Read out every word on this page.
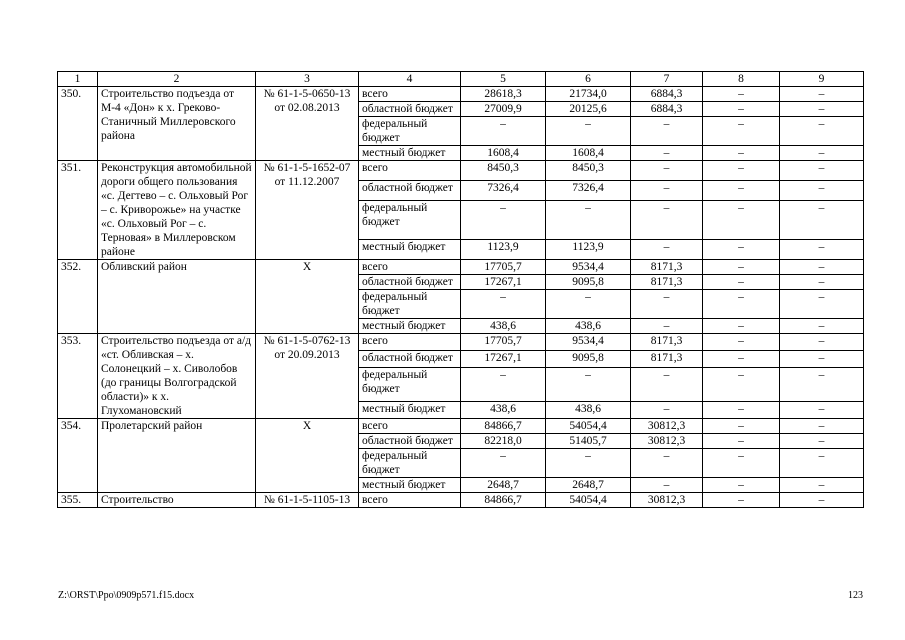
1	2	3	4	5	6	7	8	9
350.	Строительство подъезда от М-4 «Дон» к х. Греково-Станичный Миллеровского района	№ 61-1-5-0650-13 от 02.08.2013	всего	28618,3	21734,0	6884,3	–	–
			областной бюджет	27009,9	20125,6	6884,3	–	–
			федеральный бюджет	–	–	–	–	–
			местный бюджет	1608,4	1608,4	–	–	–
351.	Реконструкция автомобильной дороги общего пользования «с. Дегтево – с. Ольховый Рог – с. Криворожье» на участке «с. Ольховый Рог – с. Терновая» в Миллеровском районе	№ 61-1-5-1652-07 от 11.12.2007	всего	8450,3	8450,3	–	–	–
			областной бюджет	7326,4	7326,4	–	–	–
			федеральный бюджет	–	–	–	–	–
			местный бюджет	1123,9	1123,9	–	–	–
352.	Обливский район	Х	всего	17705,7	9534,4	8171,3	–	–
			областной бюджет	17267,1	9095,8	8171,3	–	–
			федеральный бюджет	–	–	–	–	–
			местный бюджет	438,6	438,6	–	–	–
353.	Строительство подъезда от а/д «ст. Обливская – х. Солонецкий – х. Сиволобов (до границы Волгоградской области)» к х. Глухомановский	№ 61-1-5-0762-13 от 20.09.2013	всего	17705,7	9534,4	8171,3	–	–
			областной бюджет	17267,1	9095,8	8171,3	–	–
			федеральный бюджет	–	–	–	–	–
			местный бюджет	438,6	438,6	–	–	–
354.	Пролетарский район	Х	всего	84866,7	54054,4	30812,3	–	–
			областной бюджет	82218,0	51405,7	30812,3	–	–
			федеральный бюджет	–	–	–	–	–
			местный бюджет	2648,7	2648,7	–	–	–
355.	Строительство	№ 61-1-5-1105-13	всего	84866,7	54054,4	30812,3	–	–
Z:\ORST\Ppo\0909p571.f15.docx	123
